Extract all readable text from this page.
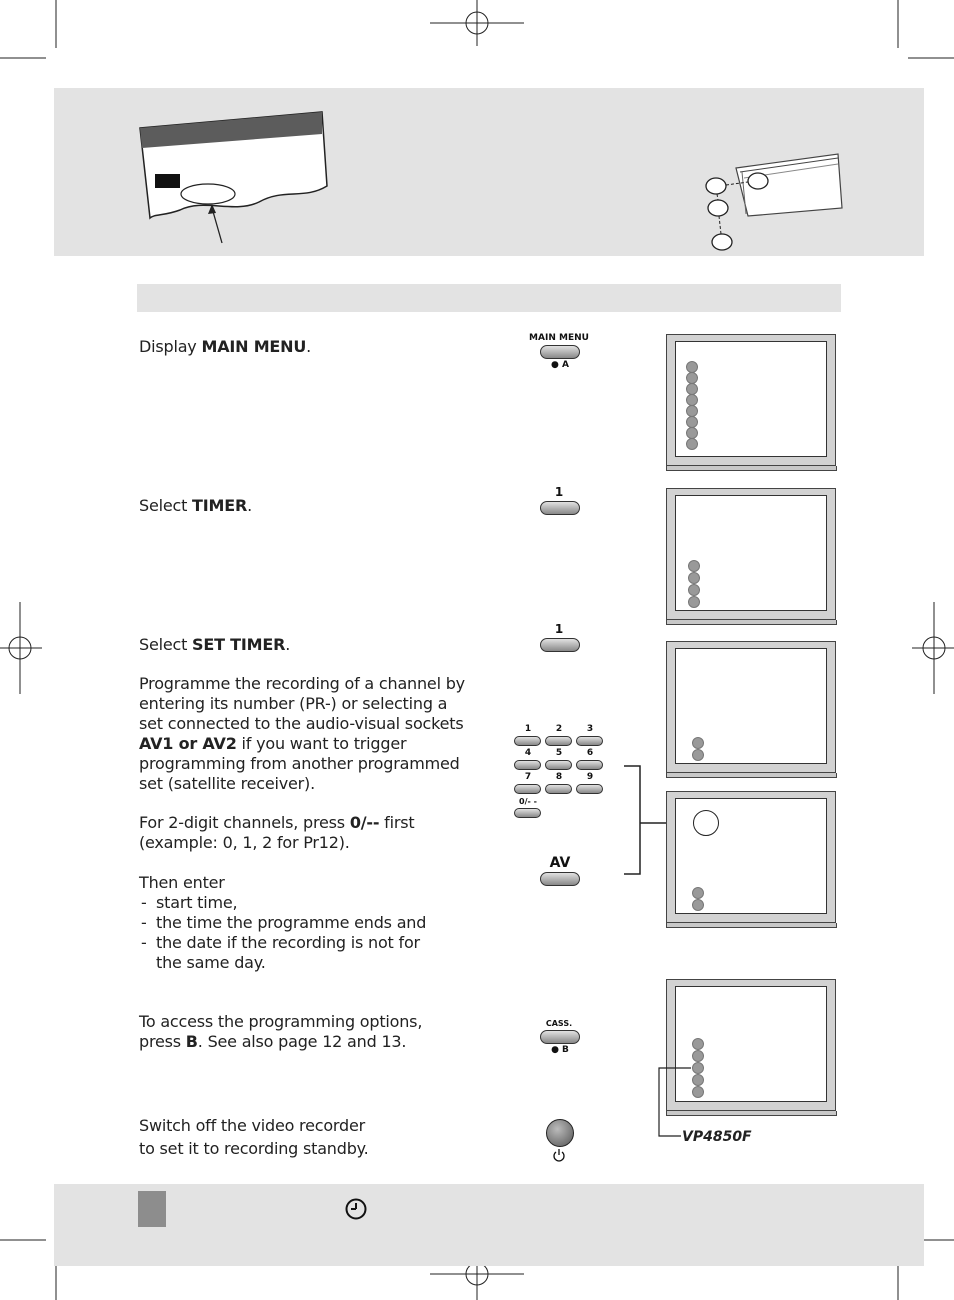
Display MAIN MENU.
Select TIMER.
Select SET TIMER.
Programme the recording of a channel by entering its number (PR-) or selecting a set connected to the audio-visual sockets AV1 or AV2 if you want to trigger programming from another programmed set (satellite receiver).
For 2-digit channels, press 0/-- first (example: 0, 1, 2 for Pr12).
Then enter
- start time,
- the time the programme ends and
- the date if the recording is not for the same day.
To access the programming options,
press B. See also page 12 and 13.
Switch off the video recorder
to set it to recording standby.
MAIN MENU
● A
1
1
1	2	3
4	5	6
7	8	9
0/- -
AV
CASS.
● B
VP4850F
